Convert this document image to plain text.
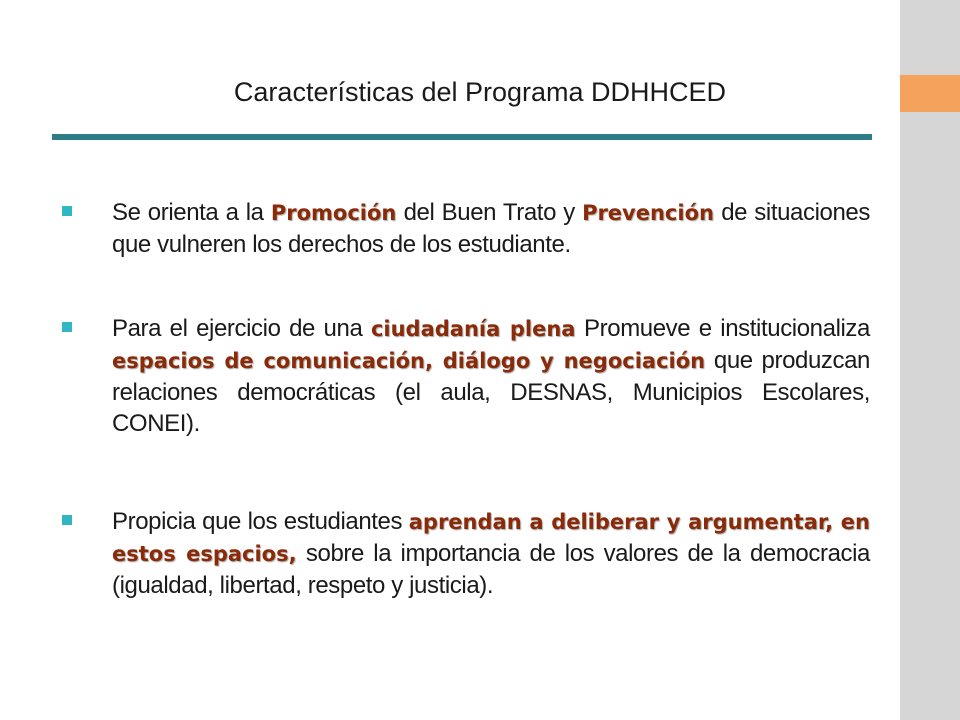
Características del Programa DDHHCED
Se orienta a la Promoción del Buen Trato y Prevención de situaciones que vulneren los derechos de los estudiante.
Para el ejercicio de una ciudadanía plena Promueve e institucionaliza espacios de comunicación, diálogo y negociación que produzcan relaciones democráticas (el aula, DESNAS, Municipios Escolares, CONEI).
Propicia que los estudiantes aprendan a deliberar y argumentar, en estos espacios, sobre la importancia de los valores de la democracia (igualdad, libertad, respeto y justicia).
